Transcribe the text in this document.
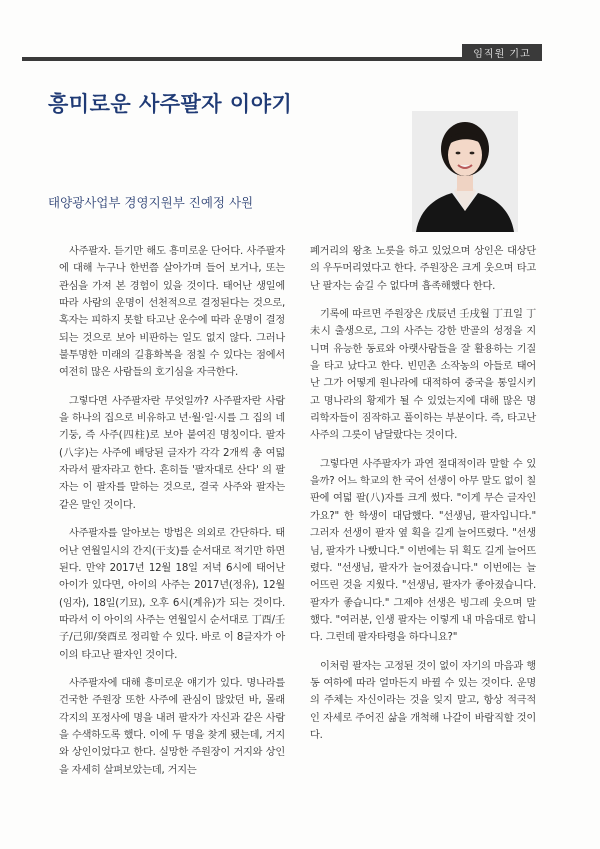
임직원 기고
흥미로운 사주팔자 이야기

태양광사업부 경영지원부 진예정 사원

사주팔자. 듣기만 해도 흥미로운 단어다. 사주팔자에 대해 누구나 한번쯤 살아가며 들어 보거나, 또는 관심을 가져 본 경험이 있을 것이다. 태어난 생일에 따라 사람의 운명이 선천적으로 결정된다는 것으로, 혹자는 피하지 못할 타고난 운수에 따라 운명이 결정되는 것으로 보아 비판하는 일도 없지 않다. 그러나 불투명한 미래의 길흉화복을 점칠 수 있다는 점에서 여전히 많은 사람들의 호기심을 자극한다.

그렇다면 사주팔자란 무엇일까? 사주팔자란 사람을 하나의 집으로 비유하고 년·월·일·시를 그 집의 네 기둥, 즉 사주(四柱)로 보아 붙여진 명칭이다. 팔자(八字)는 사주에 배당된 글자가 각각 2개씩 총 여덟 자라서 팔자라고 한다. 흔히들 '팔자대로 산다' 의 팔자는 이 팔자를 말하는 것으로, 결국 사주와 팔자는 같은 말인 것이다.

사주팔자를 알아보는 방법은 의외로 간단하다. 태어난 연월일시의 간지(干支)를 순서대로 적기만 하면 된다. 만약 2017년 12월 18일 저녁 6시에 태어난 아이가 있다면, 아이의 사주는 2017년(정유), 12월(임자), 18일(기묘), 오후 6시(계유)가 되는 것이다. 따라서 이 아이의 사주는 연월일시 순서대로 丁酉/壬子/己卯/癸酉로 정리할 수 있다. 바로 이 8글자가 아이의 타고난 팔자인 것이다.

사주팔자에 대해 흥미로운 얘기가 있다. 명나라를 건국한 주원장 또한 사주에 관심이 많았던 바, 몰래 각지의 포정사에 명을 내려 팔자가 자신과 같은 사람을 수색하도록 했다. 이에 두 명을 찾게 됐는데, 거지와 상인이었다고 한다. 실망한 주원장이 거지와 상인을 자세히 살펴보았는데, 거지는

폐거리의 왕초 노릇을 하고 있었으며 상인은 대상단의 우두머리였다고 한다. 주원장은 크게 웃으며 타고난 팔자는 숨길 수 없다며 흡족해했다 한다.

기록에 따르면 주원장은 戊辰년 壬戌월 丁丑일 丁未시 출생으로, 그의 사주는 강한 반골의 성정을 지니며 유능한 동료와 아랫사람들을 잘 활용하는 기질을 타고 났다고 한다. 빈민촌 소작농의 아들로 태어난 그가 어떻게 원나라에 대적하여 중국을 통일시키고 명나라의 황제가 될 수 있었는지에 대해 많은 명리학자들이 짐작하고 풀이하는 부분이다. 즉, 타고난 사주의 그릇이 남달랐다는 것이다.

그렇다면 사주팔자가 과연 절대적이라 말할 수 있을까? 어느 학교의 한 국어 선생이 아무 말도 없이 칠판에 여덟 팔(八)자를 크게 썼다. "이게 무슨 글자인가요?" 한 학생이 대답했다. "선생님, 팔자입니다." 그러자 선생이 팔자 옆 획을 길게 늘어뜨렸다. "선생님, 팔자가 나빴니다." 이번에는 뒤 획도 길게 늘어뜨렸다. "선생님, 팔자가 늘어졌습니다." 이번에는 늘어뜨린 것을 지웠다. "선생님, 팔자가 좋아졌습니다. 팔자가 좋습니다." 그제야 선생은 빙그레 웃으며 말했다. "여러분, 인생 팔자는 이렇게 내 마음대로 합니다. 그런데 팔자타령을 하다니요?"

이처럼 팔자는 고정된 것이 없이 자기의 마음과 행동 여하에 따라 얼마든지 바뀔 수 있는 것이다. 운명의 주체는 자신이라는 것을 잊지 말고, 항상 적극적인 자세로 주어진 삶을 개척해 나갈이 바람직할 것이다.
